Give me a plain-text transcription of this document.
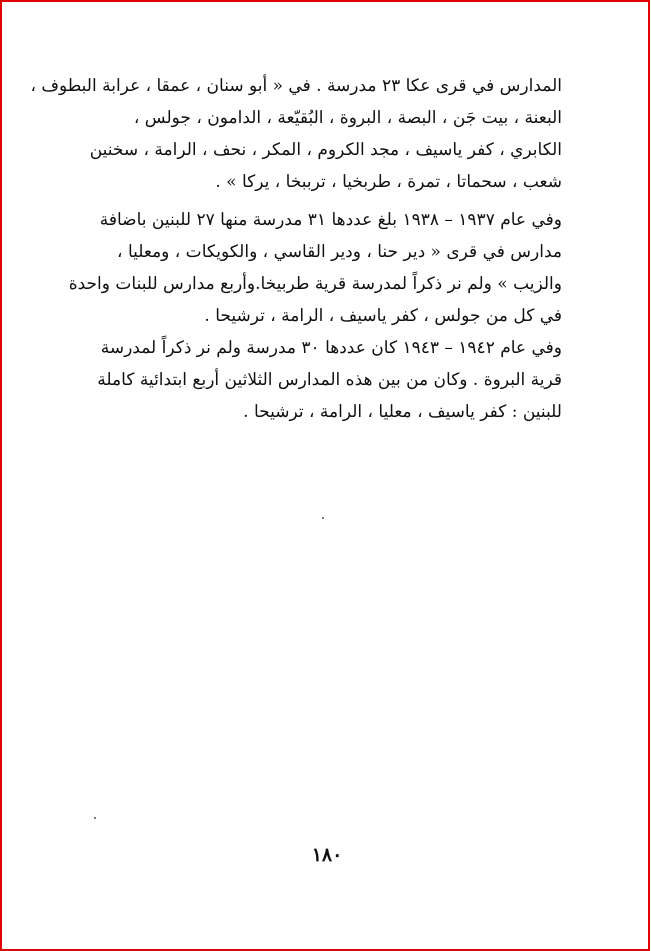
المدارس في قرى عكا ٢٣ مدرسة . في « أبو سنان ، عمقا ، عرابة البطوف ،
البعنة ، بيت جَن ، البصة ، البروة ، البُقيّعة ، الدامون ، جولس ،
الكابري ، كفر ياسيف ، مجد الكروم ، المكر ، نحف ، الرامة ، سخنين
شعب ، سحماتا ، تمرة ، طربخيا ، ترببخا ، يركا » .
وفي عام ١٩٣٧ – ١٩٣٨ بلغ عددها ٣١ مدرسة منها ٢٧ للبنين باضافة
مدارس في قرى « دير حنا ، ودير القاسي ، والكويكات ، ومعليا ،
والزيب » ولم نر ذكراً لمدرسة قرية طربيخا.وأربع مدارس للبنات واحدة
في كل من جولس ، كفر ياسيف ، الرامة ، ترشيحا .
وفي عام ١٩٤٢ – ١٩٤٣ كان عددها ٣٠ مدرسة ولم نر ذكراً لمدرسة
قرية البروة . وكان من بين هذه المدارس الثلاثين أربع ابتدائية كاملة
للبنين : كفر ياسيف ، معليا ، الرامة ، ترشيحا .
١٨٠
